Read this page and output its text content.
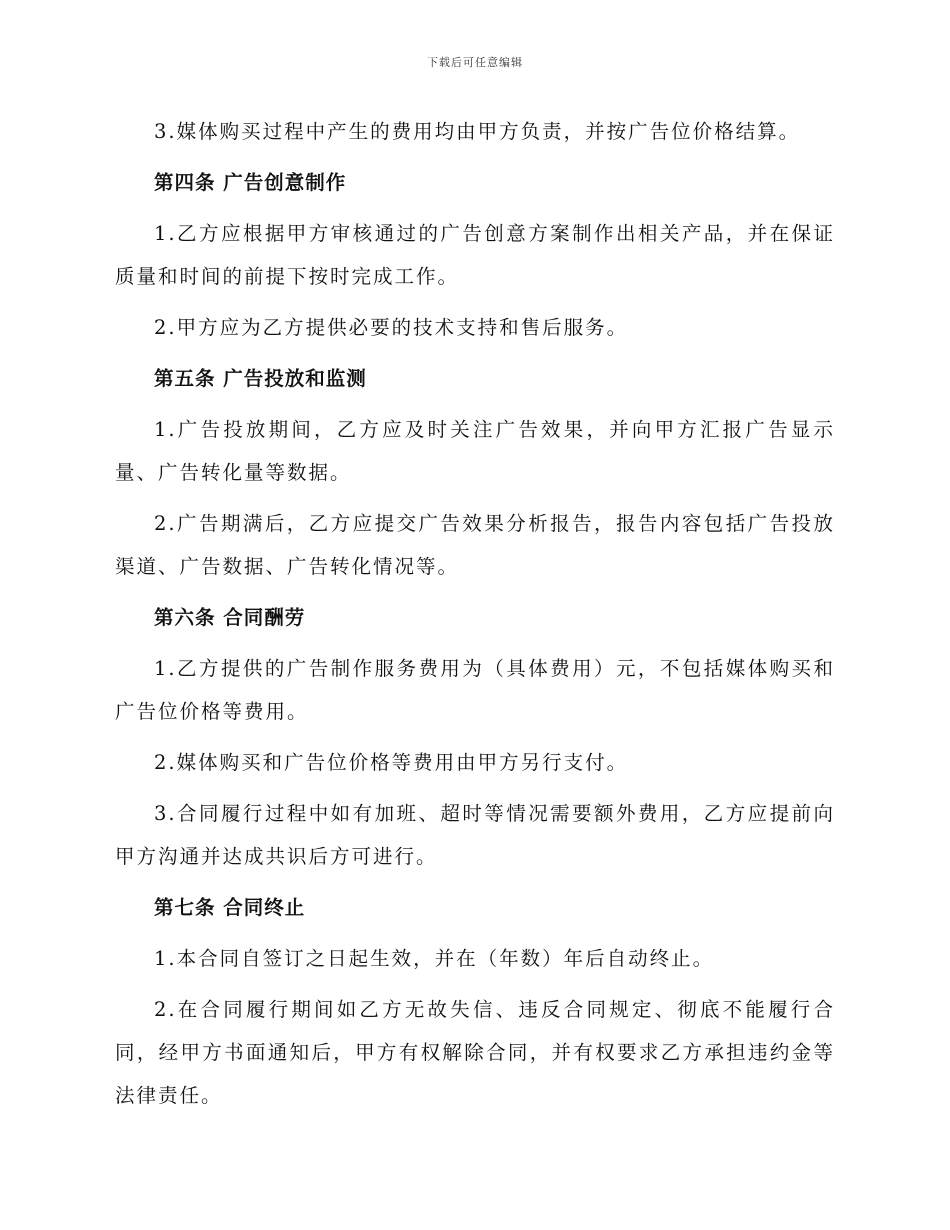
下载后可任意编辑

3.媒体购买过程中产生的费用均由甲方负责，并按广告位价格结算。

第四条 广告创意制作

1.乙方应根据甲方审核通过的广告创意方案制作出相关产品，并在保证质量和时间的前提下按时完成工作。

2.甲方应为乙方提供必要的技术支持和售后服务。

第五条 广告投放和监测

1.广告投放期间，乙方应及时关注广告效果，并向甲方汇报广告显示量、广告转化量等数据。

2.广告期满后，乙方应提交广告效果分析报告，报告内容包括广告投放渠道、广告数据、广告转化情况等。

第六条 合同酬劳

1.乙方提供的广告制作服务费用为（具体费用）元，不包括媒体购买和广告位价格等费用。

2.媒体购买和广告位价格等费用由甲方另行支付。

3.合同履行过程中如有加班、超时等情况需要额外费用，乙方应提前向甲方沟通并达成共识后方可进行。

第七条 合同终止

1.本合同自签订之日起生效，并在（年数）年后自动终止。

2.在合同履行期间如乙方无故失信、违反合同规定、彻底不能履行合同，经甲方书面通知后，甲方有权解除合同，并有权要求乙方承担违约金等法律责任。
